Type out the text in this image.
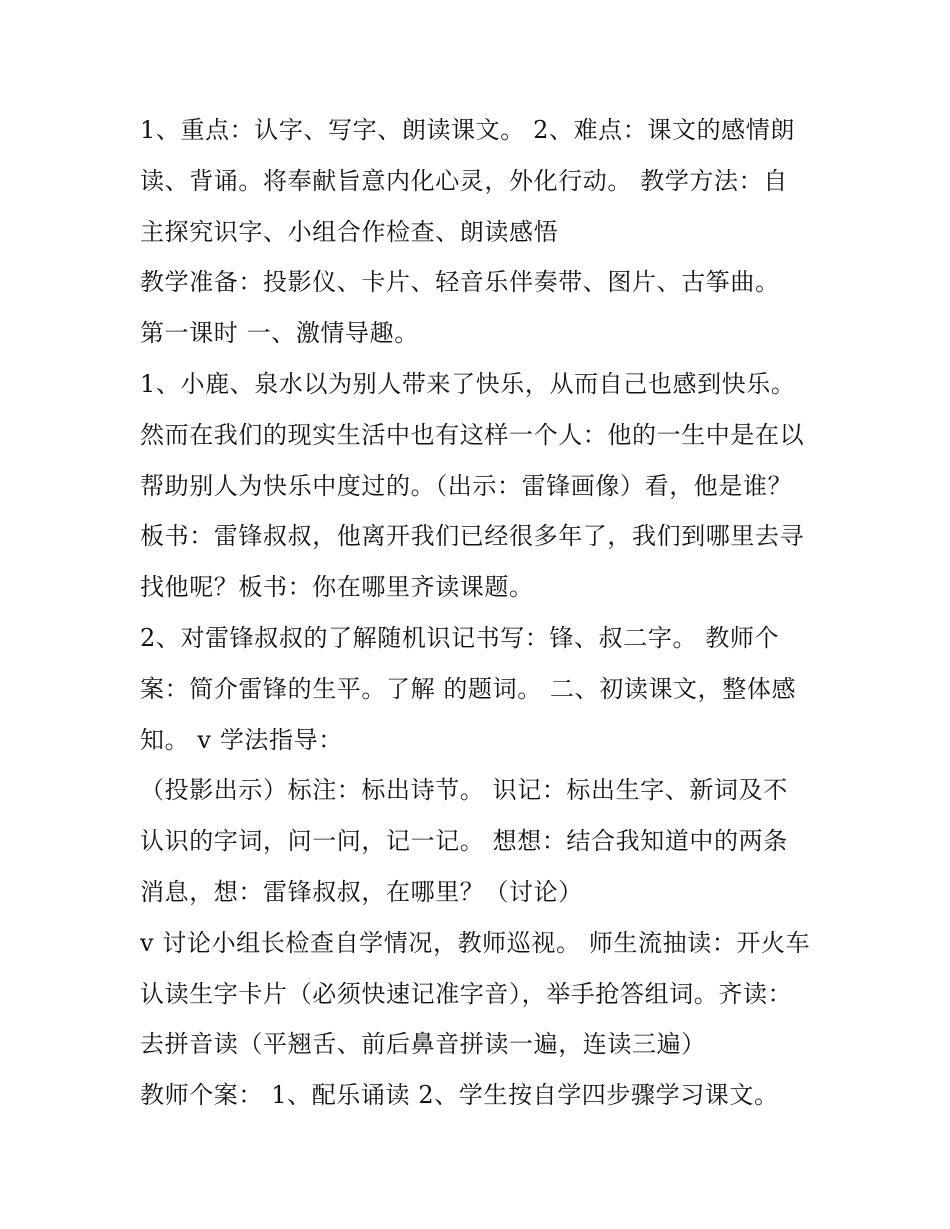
1、重点：认字、写字、朗读课文。 2、难点：课文的感情朗
读、背诵。将奉献旨意内化心灵，外化行动。 教学方法：自
主探究识字、小组合作检查、朗读感悟
教学准备：投影仪、卡片、轻音乐伴奏带、图片、古筝曲。
第一课时 一、激情导趣。
1、小鹿、泉水以为别人带来了快乐，从而自己也感到快乐。
然而在我们的现实生活中也有这样一个人：他的一生中是在以
帮助别人为快乐中度过的。（出示：雷锋画像）看，他是谁？
板书：雷锋叔叔，他离开我们已经很多年了，我们到哪里去寻
找他呢？板书：你在哪里齐读课题。
2、对雷锋叔叔的了解随机识记书写：锋、叔二字。 教师个
案：简介雷锋的生平。了解 的题词。 二、初读课文，整体感
知。 v 学法指导：
（投影出示）标注：标出诗节。 识记：标出生字、新词及不
认识的字词，问一问，记一记。 想想：结合我知道中的两条
消息，想：雷锋叔叔，在哪里？（讨论）
v 讨论小组长检查自学情况，教师巡视。 师生流抽读：开火车
认读生字卡片（必须快速记准字音），举手抢答组词。齐读：
去拼音读（平翘舌、前后鼻音拼读一遍，连读三遍）
教师个案： 1、配乐诵读 2、学生按自学四步骤学习课文。
